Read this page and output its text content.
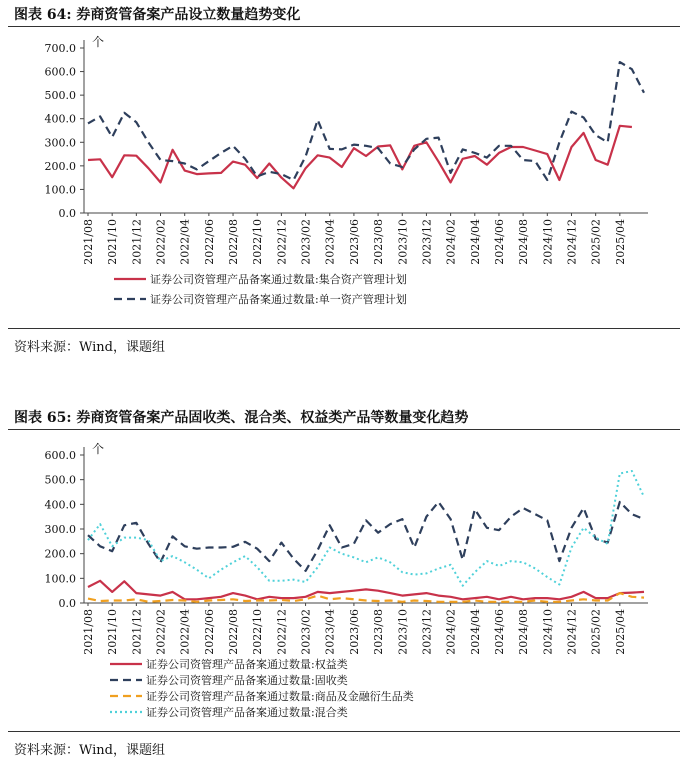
图表 64: 券商资管备案产品设立数量趋势变化
个
0.0
100.0
200.0
300.0
400.0
500.0
600.0
700.0
2021/08 2021/10 2021/12 2022/02 2022/04 2022/06 2022/08 2022/10 2022/12 2023/02 2023/04 2023/06 2023/08 2023/10 2023/12 2024/02 2024/04 2024/06 2024/08 2024/10 2024/12 2025/02 2025/04
证券公司资管理产品备案通过数量:集合资产管理计划
证券公司资管理产品备案通过数量:单一资产管理计划
资料来源：Wind，课题组
图表 65: 券商资管备案产品固收类、混合类、权益类产品等数量变化趋势
个
0.0
100.0
200.0
300.0
400.0
500.0
600.0
2021/08 2021/10 2021/12 2022/02 2022/04 2022/06 2022/08 2022/10 2022/12 2023/02 2023/04 2023/06 2023/08 2023/10 2023/12 2024/02 2024/04 2024/06 2024/08 2024/10 2024/12 2025/02 2025/04
证券公司资管理产品备案通过数量:权益类
证券公司资管理产品备案通过数量:固收类
证券公司资管理产品备案通过数量:商品及金融衍生品类
证券公司资管理产品备案通过数量:混合类
资料来源：Wind，课题组
